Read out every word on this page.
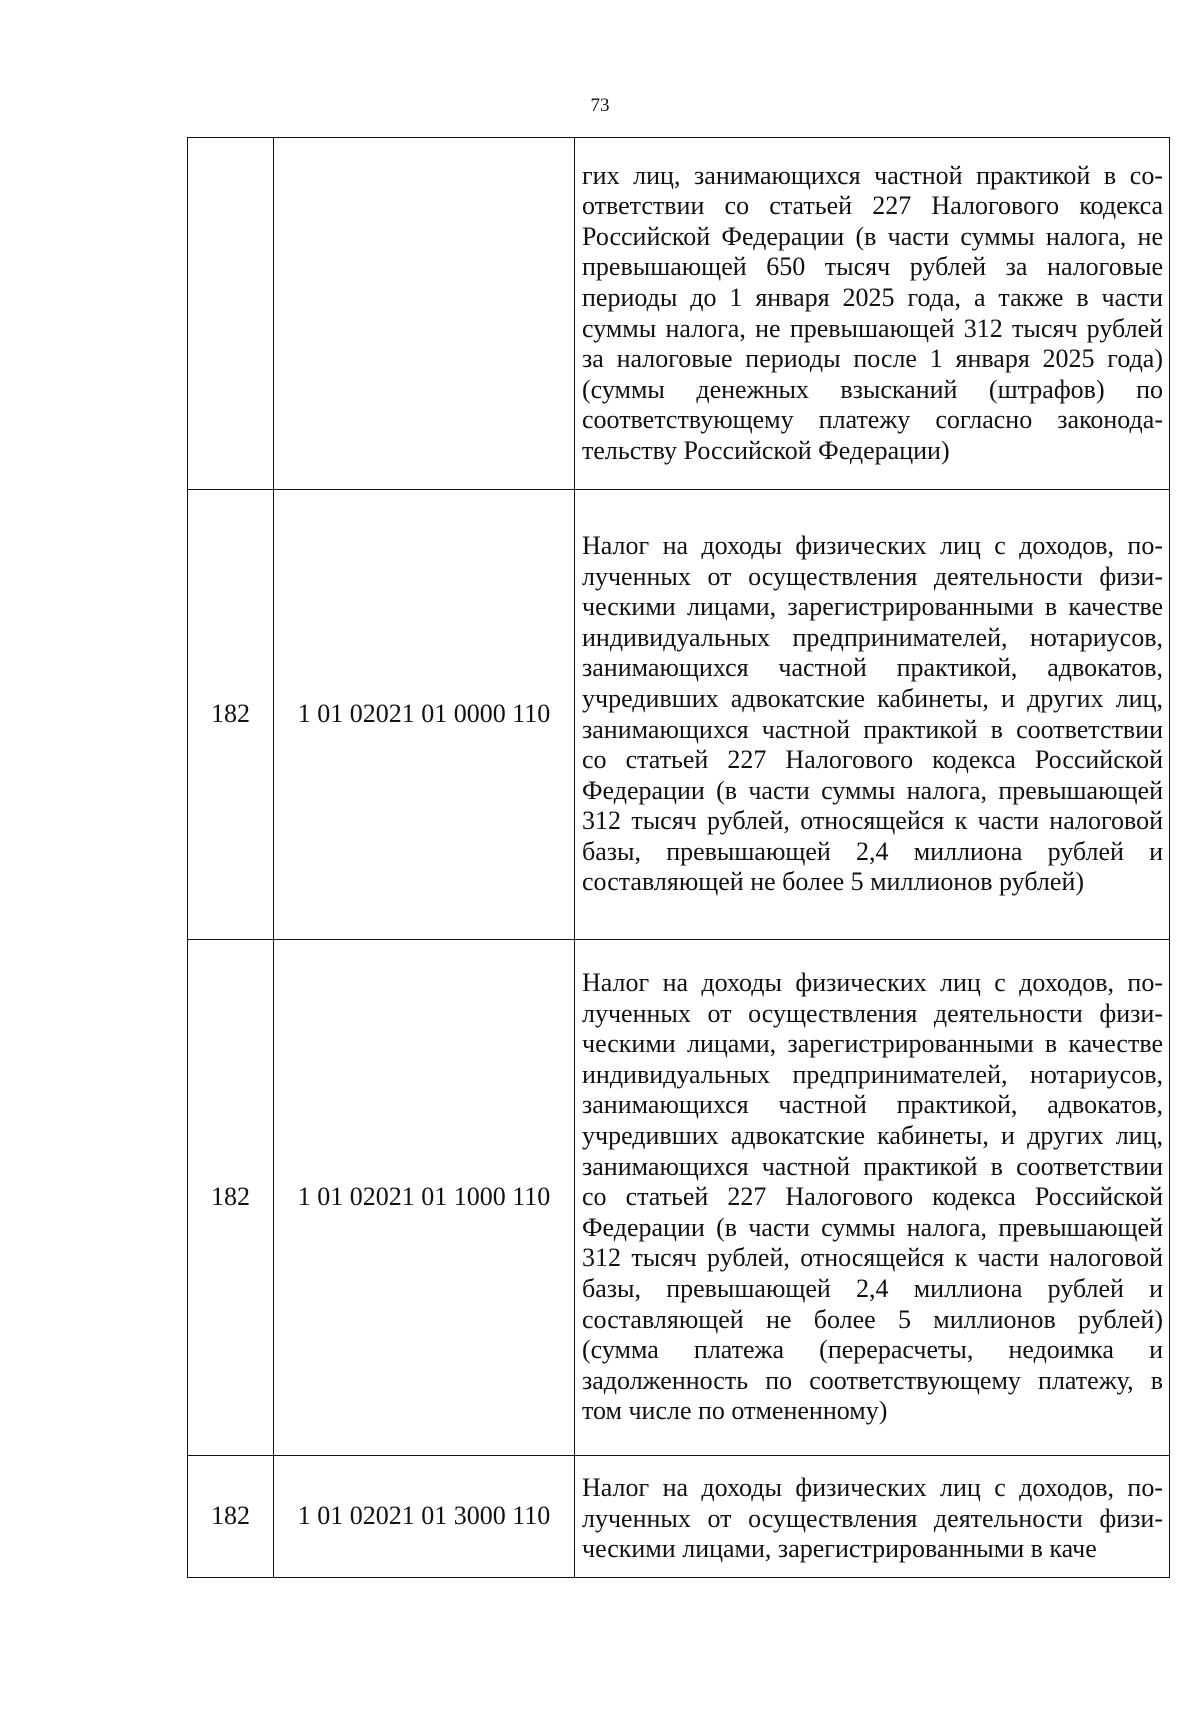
73

		гих лиц, занимающихся частной практикой в соответствии со статьей 227 Налогового кодекса Российской Федерации (в части суммы налога, не превышающей 650 тысяч рублей за налоговые периоды до 1 января 2025 года, а также в части суммы налога, не превышающей 312 тысяч рублей за налоговые периоды после 1 января 2025 года) (суммы денежных взысканий (штрафов) по соответствующему платежу согласно законодательству Российской Федерации)

182	1 01 02021 01 0000 110	Налог на доходы физических лиц с доходов, полученных от осуществления деятельности физическими лицами, зарегистрированными в качестве индивидуальных предпринимателей, нотариусов, занимающихся частной практикой, адвокатов, учредивших адвокатские кабинеты, и других лиц, занимающихся частной практикой в соответствии со статьей 227 Налогового кодекса Российской Федерации (в части суммы налога, превышающей 312 тысяч рублей, относящейся к части налоговой базы, превышающей 2,4 миллиона рублей и составляющей не более 5 миллионов рублей)

182	1 01 02021 01 1000 110	Налог на доходы физических лиц с доходов, полученных от осуществления деятельности физическими лицами, зарегистрированными в качестве индивидуальных предпринимателей, нотариусов, занимающихся частной практикой, адвокатов, учредивших адвокатские кабинеты, и других лиц, занимающихся частной практикой в соответствии со статьей 227 Налогового кодекса Российской Федерации (в части суммы налога, превышающей 312 тысяч рублей, относящейся к части налоговой базы, превышающей 2,4 миллиона рублей и составляющей не более 5 миллионов рублей) (сумма платежа (перерасчеты, недоимка и задолженность по соответствующему платежу, в том числе по отмененному)

182	1 01 02021 01 3000 110	Налог на доходы физических лиц с доходов, полученных от осуществления деятельности физическими лицами, зарегистрированными в каче
